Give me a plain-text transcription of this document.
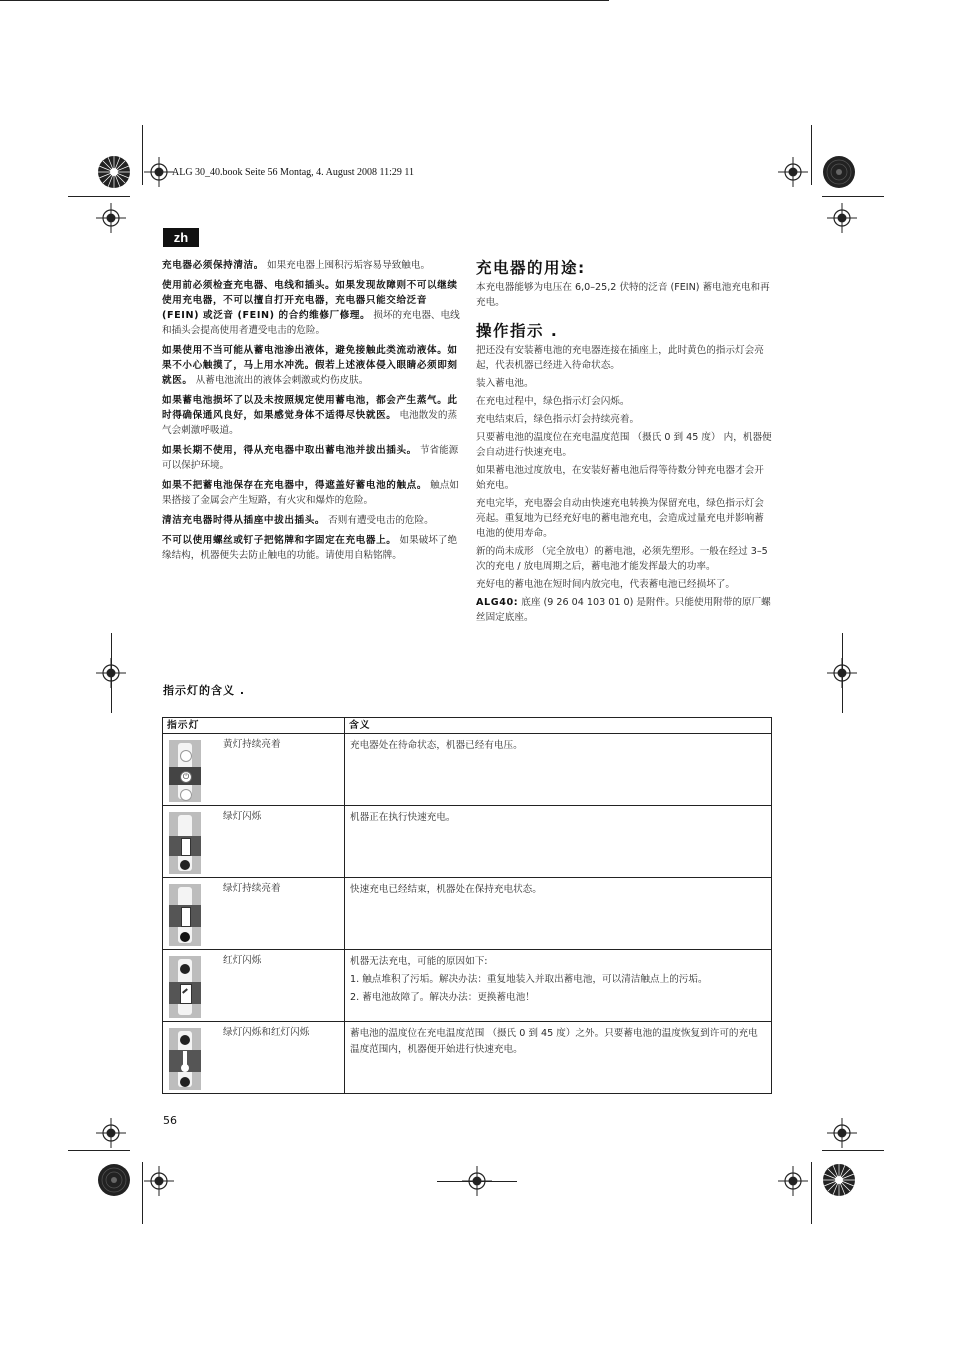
ALG 30_40.book Seite 56 Montag, 4. August 2008 11:29 11
zh

充电器必须保持清洁。 如果充电器上囤积污垢容易导致触电。

使用前必须检查充电器、电线和插头。如果发现故障则不可以继续使用充电器，不可以擅自打开充电器，充电器只能交给泛音 (FEIN) 或泛音 (FEIN) 的合约维修厂修理。 损坏的充电器、电线和插头会提高使用者遭受电击的危险。

如果使用不当可能从蓄电池渗出液体，避免接触此类流动液体。如果不小心触摸了，马上用水冲洗。假若上述液体侵入眼睛必须即刻就医。 从蓄电池流出的液体会刺激或灼伤皮肤。

如果蓄电池损坏了以及未按照规定使用蓄电池，都会产生蒸气。此时得确保通风良好，如果感觉身体不适得尽快就医。 电池散发的蒸气会刺激呼吸道。

如果长期不使用，得从充电器中取出蓄电池并拔出插头。 节省能源可以保护环境。

如果不把蓄电池保存在充电器中，得遮盖好蓄电池的触点。 触点如果搭接了金属会产生短路，有火灾和爆炸的危险。

清洁充电器时得从插座中拔出插头。 否则有遭受电击的危险。

不可以使用螺丝或钉子把铭牌和字固定在充电器上。 如果破坏了绝缘结构，机器便失去防止触电的功能。请使用自粘铭牌。

充电器的用途:

本充电器能够为电压在 6,0–25,2 伏特的泛音 (FEIN) 蓄电池充电和再充电。

操作指示 .

把还没有安装蓄电池的充电器连接在插座上，此时黄色的指示灯会亮起，代表机器已经进入待命状态。

装入蓄电池。

在充电过程中，绿色指示灯会闪烁。

充电结束后，绿色指示灯会持续亮着。

只要蓄电池的温度位在充电温度范围 （摄氏 0 到 45 度） 内，机器便会自动进行快速充电。

如果蓄电池过度放电，在安装好蓄电池后得等待数分钟充电器才会开始充电。

充电完毕，充电器会自动由快速充电转换为保留充电，绿色指示灯会亮起。重复地为已经充好电的蓄电池充电，会造成过量充电并影响蓄电池的使用寿命。

新的尚未成形 （完全放电）的蓄电池，必须先塑形。一般在经过 3–5 次的充电 / 放电周期之后，蓄电池才能发挥最大的功率。

充好电的蓄电池在短时间内放完电，代表蓄电池已经损坏了。

ALG40: 底座 (9 26 04 103 01 0) 是附件。只能使用附带的原厂螺丝固定底座。

指示灯的含义 .
指示灯	含义

⏻
黄灯持续亮着	充电器处在待命状态，机器已经有电压。

绿灯闪烁	机器正在执行快速充电。

绿灯持续亮着	快速充电已经结束，机器处在保持充电状态。

红灯闪烁	机器无法充电，可能的原因如下:
1. 触点堆积了污垢。解决办法：重复地装入并取出蓄电池，可以清洁触点上的污垢。
2. 蓄电池故障了。解决办法：更换蓄电池！

绿灯闪烁和红灯闪烁	蓄电池的温度位在充电温度范围 （摄氏 0 到 45 度）之外。只要蓄电池的温度恢复到许可的充电温度范围内，机器便开始进行快速充电。
56
